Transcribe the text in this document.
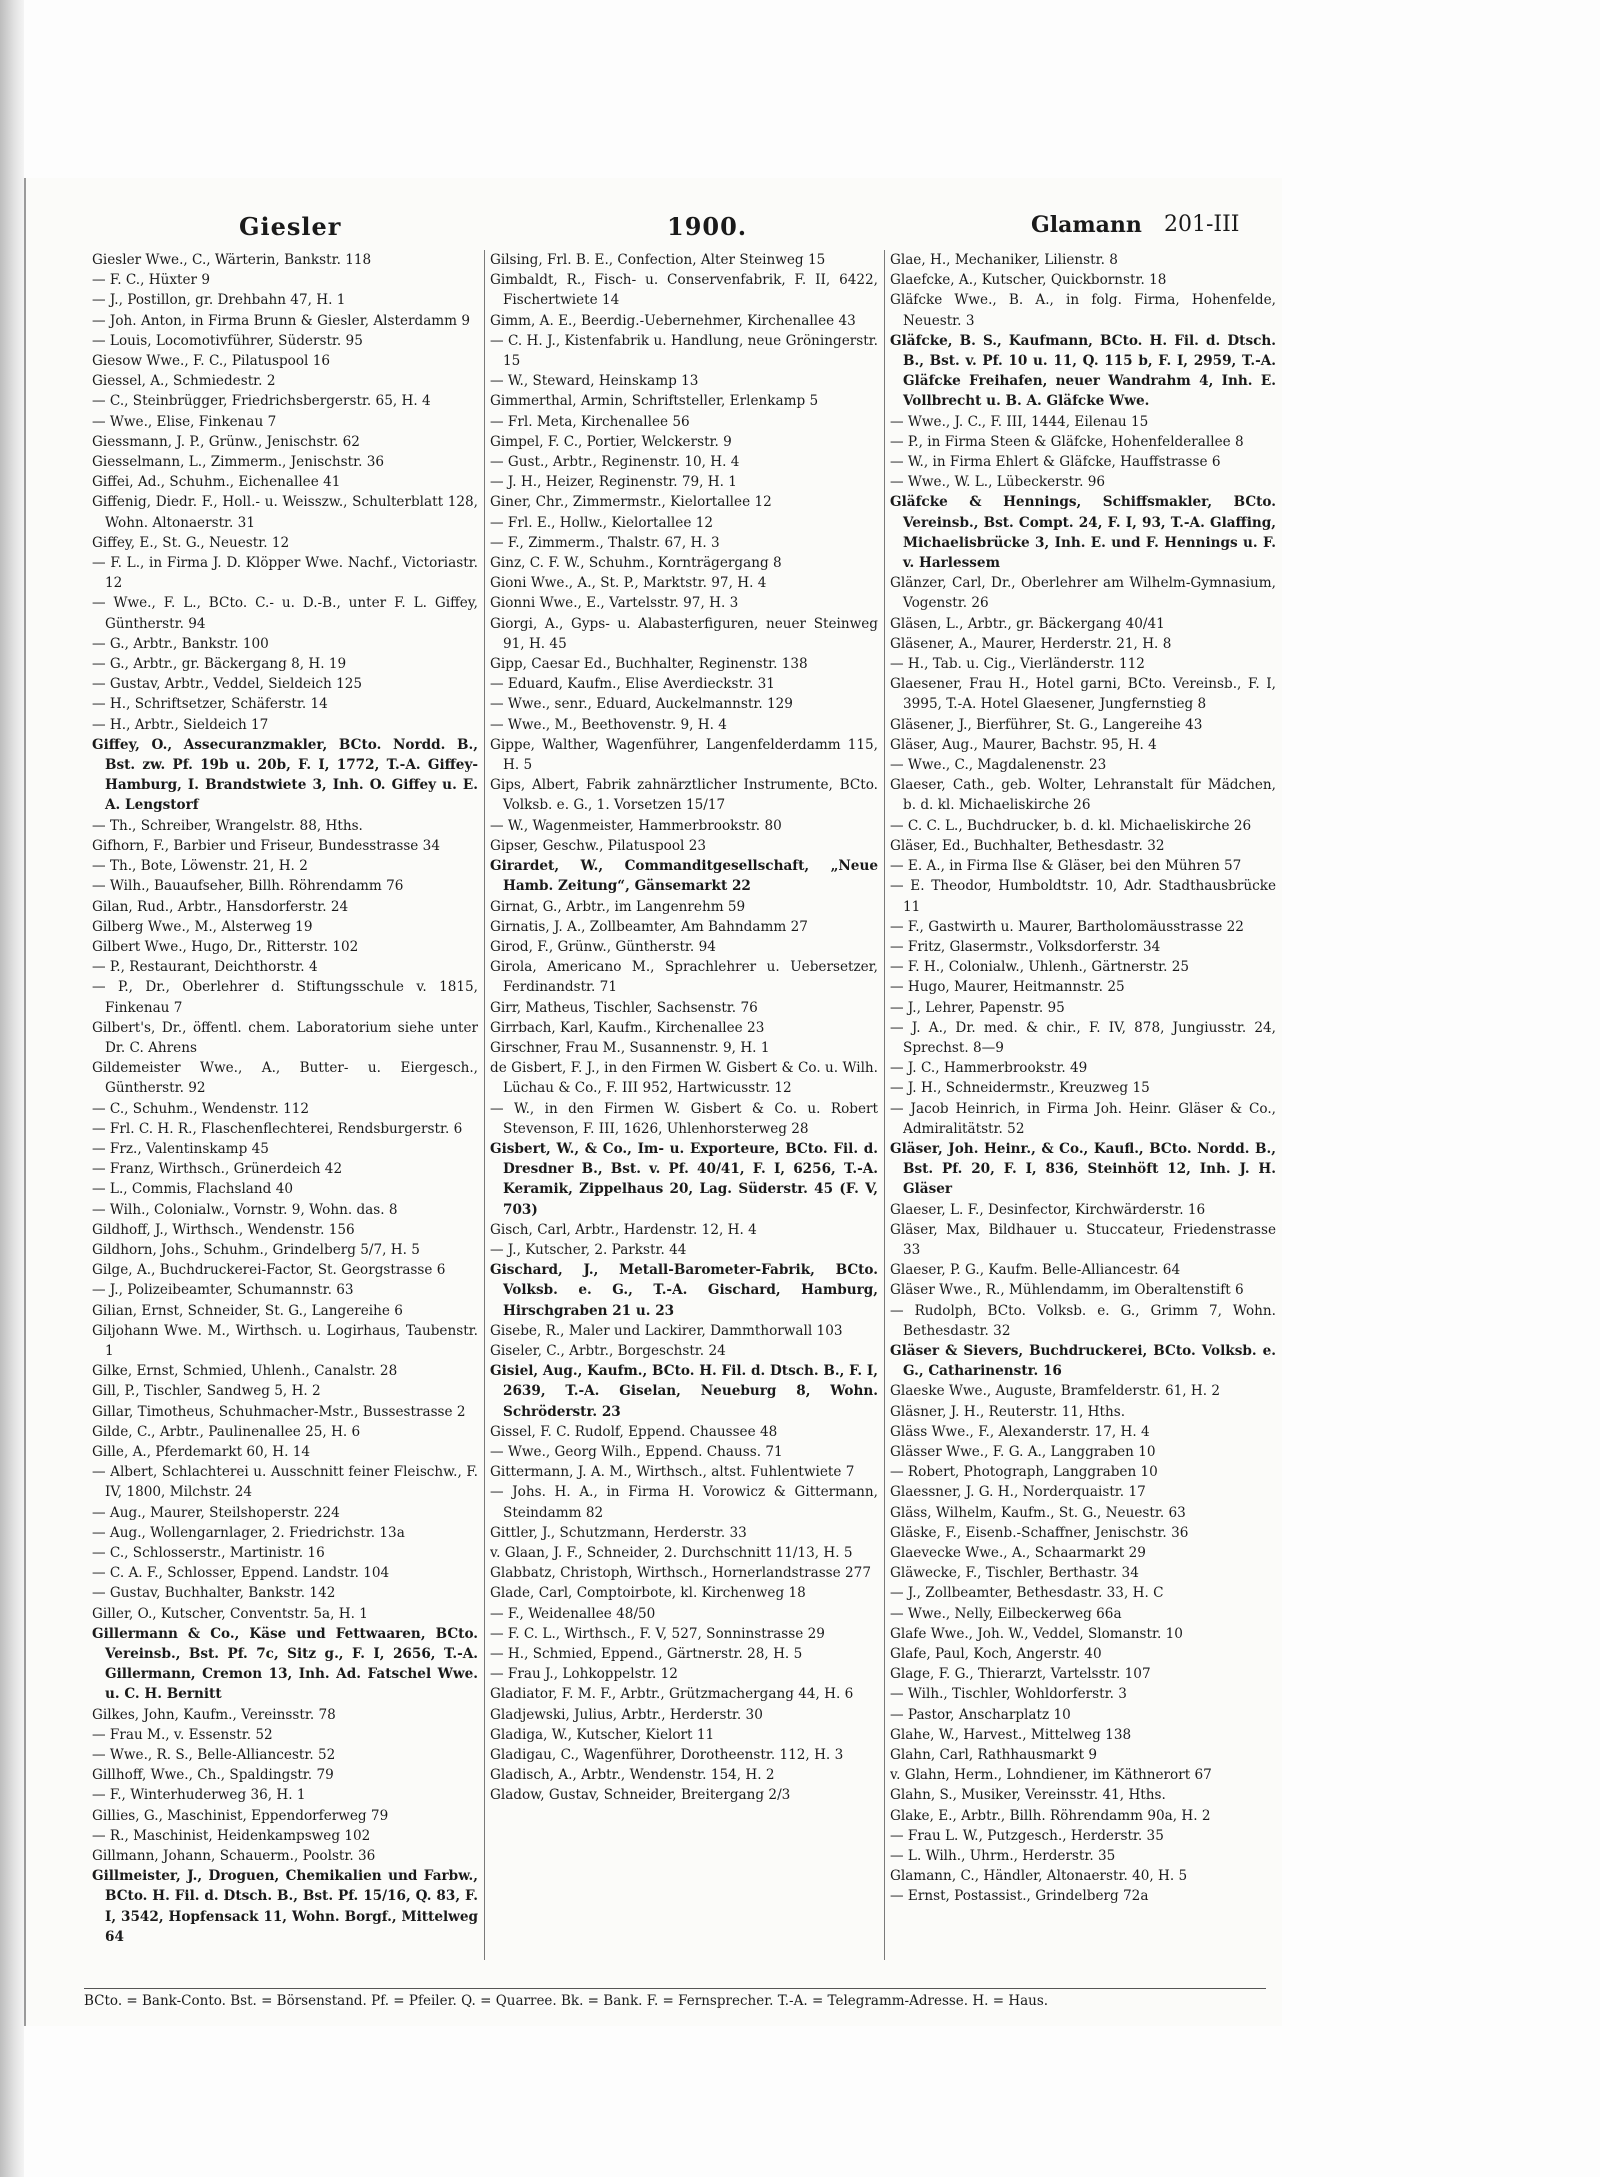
Giesler	1900.	Glamann 201-III
Giesler Wwe., C., Wärterin, Bankstr. 118
— F. C., Hüxter 9
— J., Postillon, gr. Drehbahn 47, H. 1
— Joh. Anton, in Firma Brunn & Giesler, Alsterdamm 9
— Louis, Locomotivführer, Süderstr. 95
Giesow Wwe., F. C., Pilatuspool 16
Giessel, A., Schmiedestr. 2
— C., Steinbrügger, Friedrichsbergerstr. 65, H. 4
— Wwe., Elise, Finkenau 7
Giessmann, J. P., Grünw., Jenischstr. 62
Giesselmann, L., Zimmerm., Jenischstr. 36
Giffei, Ad., Schuhm., Eichenallee 41
Giffenig, Diedr. F., Holl.- u. Weisszw., Schulterblatt 128, Wohn. Altonaerstr. 31
Giffey, E., St. G., Neuestr. 12
— F. L., in Firma J. D. Klöpper Wwe. Nachf., Victoriastr. 12
— Wwe., F. L., BCto. C.- u. D.-B., unter F. L. Giffey, Güntherstr. 94
— G., Arbtr., Bankstr. 100
— G., Arbtr., gr. Bäckergang 8, H. 19
— Gustav, Arbtr., Veddel, Sieldeich 125
— H., Schriftsetzer, Schäferstr. 14
— H., Arbtr., Sieldeich 17
Giffey, O., Assecuranzmakler, BCto. Nordd. B., Bst. zw. Pf. 19b u. 20b, F. I, 1772, T.-A. Giffey-Hamburg, I. Brandstwiete 3, Inh. O. Giffey u. E. A. Lengstorf
— Th., Schreiber, Wrangelstr. 88, Hths.
Gifhorn, F., Barbier und Friseur, Bundesstrasse 34
— Th., Bote, Löwenstr. 21, H. 2
— Wilh., Bauaufseher, Billh. Röhrendamm 76
Gilan, Rud., Arbtr., Hansdorferstr. 24
Gilberg Wwe., M., Alsterweg 19
Gilbert Wwe., Hugo, Dr., Ritterstr. 102
— P., Restaurant, Deichthorstr. 4
— P., Dr., Oberlehrer d. Stiftungsschule v. 1815, Finkenau 7
Gilbert's, Dr., öffentl. chem. Laboratorium siehe unter Dr. C. Ahrens
Gildemeister Wwe., A., Butter- u. Eiergesch., Güntherstr. 92
— C., Schuhm., Wendenstr. 112
— Frl. C. H. R., Flaschenflechterei, Rendsburgerstr. 6
— Frz., Valentinskamp 45
— Franz, Wirthsch., Grünerdeich 42
— L., Commis, Flachsland 40
— Wilh., Colonialw., Vornstr. 9, Wohn. das. 8
Gildhoff, J., Wirthsch., Wendenstr. 156
Gildhorn, Johs., Schuhm., Grindelberg 5/7, H. 5
Gilge, A., Buchdruckerei-Factor, St. Georgstrasse 6
— J., Polizeibeamter, Schumannstr. 63
Gilian, Ernst, Schneider, St. G., Langereihe 6
Giljohann Wwe. M., Wirthsch. u. Logirhaus, Taubenstr. 1
Gilke, Ernst, Schmied, Uhlenh., Canalstr. 28
Gill, P., Tischler, Sandweg 5, H. 2
Gillar, Timotheus, Schuhmacher-Mstr., Bussestrasse 2
Gilde, C., Arbtr., Paulinenallee 25, H. 6
Gille, A., Pferdemarkt 60, H. 14
— Albert, Schlachterei u. Ausschnitt feiner Fleischw., F. IV, 1800, Milchstr. 24
— Aug., Maurer, Steilshoperstr. 224
— Aug., Wollengarnlager, 2. Friedrichstr. 13a
— C., Schlosserstr., Martinistr. 16
— C. A. F., Schlosser, Eppend. Landstr. 104
— Gustav, Buchhalter, Bankstr. 142
Giller, O., Kutscher, Conventstr. 5a, H. 1
Gillermann & Co., Käse und Fettwaaren, BCto. Vereinsb., Bst. Pf. 7c, Sitz g., F. I, 2656, T.-A. Gillermann, Cremon 13, Inh. Ad. Fatschel Wwe. u. C. H. Bernitt
Gilkes, John, Kaufm., Vereinsstr. 78
— Frau M., v. Essenstr. 52
— Wwe., R. S., Belle-Alliancestr. 52
Gillhoff, Wwe., Ch., Spaldingstr. 79
— F., Winterhuderweg 36, H. 1
Gillies, G., Maschinist, Eppendorferweg 79
— R., Maschinist, Heidenkampsweg 102
Gillmann, Johann, Schauerm., Poolstr. 36
Gillmeister, J., Droguen, Chemikalien und Farbw., BCto. H. Fil. d. Dtsch. B., Bst. Pf. 15/16, Q. 83, F. I, 3542, Hopfensack 11, Wohn. Borgf., Mittelweg 64
Gilsing, Frl. B. E., Confection, Alter Steinweg 15
Gimbaldt, R., Fisch- u. Conservenfabrik, F. II, 6422, Fischertwiete 14
Gimm, A. E., Beerdig.-Uebernehmer, Kirchenallee 43
— C. H. J., Kistenfabrik u. Handlung, neue Gröningerstr. 15
— W., Steward, Heinskamp 13
Gimmerthal, Armin, Schriftsteller, Erlenkamp 5
— Frl. Meta, Kirchenallee 56
Gimpel, F. C., Portier, Welckerstr. 9
— Gust., Arbtr., Reginenstr. 10, H. 4
— J. H., Heizer, Reginenstr. 79, H. 1
Giner, Chr., Zimmermstr., Kielortallee 12
— Frl. E., Hollw., Kielortallee 12
— F., Zimmerm., Thalstr. 67, H. 3
Ginz, C. F. W., Schuhm., Kornträgergang 8
Gioni Wwe., A., St. P., Marktstr. 97, H. 4
Gionni Wwe., E., Vartelsstr. 97, H. 3
Giorgi, A., Gyps- u. Alabasterfiguren, neuer Steinweg 91, H. 45
Gipp, Caesar Ed., Buchhalter, Reginenstr. 138
— Eduard, Kaufm., Elise Averdieckstr. 31
— Wwe., senr., Eduard, Auckelmannstr. 129
— Wwe., M., Beethovenstr. 9, H. 4
Gippe, Walther, Wagenführer, Langenfelderdamm 115, H. 5
Gips, Albert, Fabrik zahnärztlicher Instrumente, BCto. Volksb. e. G., 1. Vorsetzen 15/17
— W., Wagenmeister, Hammerbrookstr. 80
Gipser, Geschw., Pilatuspool 23
Girardet, W., Commanditgesellschaft, „Neue Hamb. Zeitung“, Gänsemarkt 22
Girnat, G., Arbtr., im Langenrehm 59
Girnatis, J. A., Zollbeamter, Am Bahndamm 27
Girod, F., Grünw., Güntherstr. 94
Girola, Americano M., Sprachlehrer u. Uebersetzer, Ferdinandstr. 71
Girr, Matheus, Tischler, Sachsenstr. 76
Girrbach, Karl, Kaufm., Kirchenallee 23
Girschner, Frau M., Susannenstr. 9, H. 1
de Gisbert, F. J., in den Firmen W. Gisbert & Co. u. Wilh. Lüchau & Co., F. III 952, Hartwicusstr. 12
— W., in den Firmen W. Gisbert & Co. u. Robert Stevenson, F. III, 1626, Uhlenhorsterweg 28
Gisbert, W., & Co., Im- u. Exporteure, BCto. Fil. d. Dresdner B., Bst. v. Pf. 40/41, F. I, 6256, T.-A. Keramik, Zippelhaus 20, Lag. Süderstr. 45 (F. V, 703)
Gisch, Carl, Arbtr., Hardenstr. 12, H. 4
— J., Kutscher, 2. Parkstr. 44
Gischard, J., Metall-Barometer-Fabrik, BCto. Volksb. e. G., T.-A. Gischard, Hamburg, Hirschgraben 21 u. 23
Gisebe, R., Maler und Lackirer, Dammthorwall 103
Giseler, C., Arbtr., Borgeschstr. 24
Gisiel, Aug., Kaufm., BCto. H. Fil. d. Dtsch. B., F. I, 2639, T.-A. Giselan, Neueburg 8, Wohn. Schröderstr. 23
Gissel, F. C. Rudolf, Eppend. Chaussee 48
— Wwe., Georg Wilh., Eppend. Chauss. 71
Gittermann, J. A. M., Wirthsch., altst. Fuhlentwiete 7
— Johs. H. A., in Firma H. Vorowicz & Gittermann, Steindamm 82
Gittler, J., Schutzmann, Herderstr. 33
v. Glaan, J. F., Schneider, 2. Durchschnitt 11/13, H. 5
Glabbatz, Christoph, Wirthsch., Hornerlandstrasse 277
Glade, Carl, Comptoirbote, kl. Kirchenweg 18
— F., Weidenallee 48/50
— F. C. L., Wirthsch., F. V, 527, Sonninstrasse 29
— H., Schmied, Eppend., Gärtnerstr. 28, H. 5
— Frau J., Lohkoppelstr. 12
Gladiator, F. M. F., Arbtr., Grützmachergang 44, H. 6
Gladjewski, Julius, Arbtr., Herderstr. 30
Gladiga, W., Kutscher, Kielort 11
Gladigau, C., Wagenführer, Dorotheenstr. 112, H. 3
Gladisch, A., Arbtr., Wendenstr. 154, H. 2
Gladow, Gustav, Schneider, Breitergang 2/3
Glae, H., Mechaniker, Lilienstr. 8
Glaefcke, A., Kutscher, Quickbornstr. 18
Gläfcke Wwe., B. A., in folg. Firma, Hohenfelde, Neuestr. 3
Gläfcke, B. S., Kaufmann, BCto. H. Fil. d. Dtsch. B., Bst. v. Pf. 10 u. 11, Q. 115 b, F. I, 2959, T.-A. Gläfcke Freihafen, neuer Wandrahm 4, Inh. E. Vollbrecht u. B. A. Gläfcke Wwe.
— Wwe., J. C., F. III, 1444, Eilenau 15
— P., in Firma Steen & Gläfcke, Hohenfelderallee 8
— W., in Firma Ehlert & Gläfcke, Hauffstrasse 6
— Wwe., W. L., Lübeckerstr. 96
Gläfcke & Hennings, Schiffsmakler, BCto. Vereinsb., Bst. Compt. 24, F. I, 93, T.-A. Glaffing, Michaelisbrücke 3, Inh. E. und F. Hennings u. F. v. Harlessem
Glänzer, Carl, Dr., Oberlehrer am Wilhelm-Gymnasium, Vogenstr. 26
Gläsen, L., Arbtr., gr. Bäckergang 40/41
Gläsener, A., Maurer, Herderstr. 21, H. 8
— H., Tab. u. Cig., Vierländerstr. 112
Glaesener, Frau H., Hotel garni, BCto. Vereinsb., F. I, 3995, T.-A. Hotel Glaesener, Jungfernstieg 8
Gläsener, J., Bierführer, St. G., Langereihe 43
Gläser, Aug., Maurer, Bachstr. 95, H. 4
— Wwe., C., Magdalenenstr. 23
Glaeser, Cath., geb. Wolter, Lehranstalt für Mädchen, b. d. kl. Michaeliskirche 26
— C. C. L., Buchdrucker, b. d. kl. Michaeliskirche 26
Gläser, Ed., Buchhalter, Bethesdastr. 32
— E. A., in Firma Ilse & Gläser, bei den Mühren 57
— E. Theodor, Humboldtstr. 10, Adr. Stadthausbrücke 11
— F., Gastwirth u. Maurer, Bartholomäusstrasse 22
— Fritz, Glasermstr., Volksdorferstr. 34
— F. H., Colonialw., Uhlenh., Gärtnerstr. 25
— Hugo, Maurer, Heitmannstr. 25
— J., Lehrer, Papenstr. 95
— J. A., Dr. med. & chir., F. IV, 878, Jungiusstr. 24, Sprechst. 8—9
— J. C., Hammerbrookstr. 49
— J. H., Schneidermstr., Kreuzweg 15
— Jacob Heinrich, in Firma Joh. Heinr. Gläser & Co., Admiralitätstr. 52
Gläser, Joh. Heinr., & Co., Kaufl., BCto. Nordd. B., Bst. Pf. 20, F. I, 836, Steinhöft 12, Inh. J. H. Gläser
Glaeser, L. F., Desinfector, Kirchwärderstr. 16
Gläser, Max, Bildhauer u. Stuccateur, Friedenstrasse 33
Glaeser, P. G., Kaufm. Belle-Alliancestr. 64
Gläser Wwe., R., Mühlendamm, im Oberaltenstift 6
— Rudolph, BCto. Volksb. e. G., Grimm 7, Wohn. Bethesdastr. 32
Gläser & Sievers, Buchdruckerei, BCto. Volksb. e. G., Catharinenstr. 16
Glaeske Wwe., Auguste, Bramfelderstr. 61, H. 2
Gläsner, J. H., Reuterstr. 11, Hths.
Gläss Wwe., F., Alexanderstr. 17, H. 4
Glässer Wwe., F. G. A., Langgraben 10
— Robert, Photograph, Langgraben 10
Glaessner, J. G. H., Norderquaistr. 17
Gläss, Wilhelm, Kaufm., St. G., Neuestr. 63
Gläske, F., Eisenb.-Schaffner, Jenischstr. 36
Glaevecke Wwe., A., Schaarmarkt 29
Gläwecke, F., Tischler, Berthastr. 34
— J., Zollbeamter, Bethesdastr. 33, H. C
— Wwe., Nelly, Eilbeckerweg 66a
Glafe Wwe., Joh. W., Veddel, Slomanstr. 10
Glafe, Paul, Koch, Angerstr. 40
Glage, F. G., Thierarzt, Vartelsstr. 107
— Wilh., Tischler, Wohldorferstr. 3
— Pastor, Anscharplatz 10
Glahe, W., Harvest., Mittelweg 138
Glahn, Carl, Rathhausmarkt 9
v. Glahn, Herm., Lohndiener, im Käthnerort 67
Glahn, S., Musiker, Vereinsstr. 41, Hths.
Glake, E., Arbtr., Billh. Röhrendamm 90a, H. 2
— Frau L. W., Putzgesch., Herderstr. 35
— L. Wilh., Uhrm., Herderstr. 35
Glamann, C., Händler, Altonaerstr. 40, H. 5
— Ernst, Postassist., Grindelberg 72a
BCto. = Bank-Conto. Bst. = Börsenstand. Pf. = Pfeiler. Q. = Quarree. Bk. = Bank. F. = Fernsprecher. T.-A. = Telegramm-Adresse. H. = Haus.
